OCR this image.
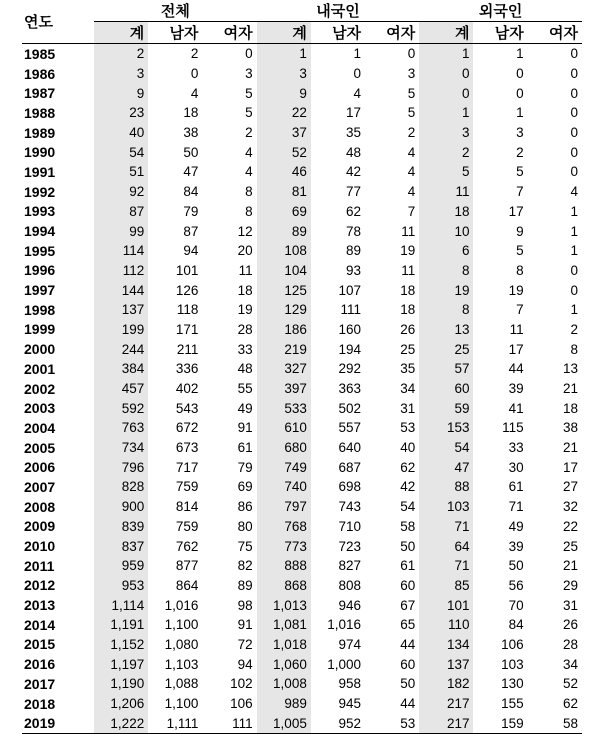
연도	전체			내국인			외국인		
	계	남자	여자	계	남자	여자	계	남자	여자
1985	2	2	0	1	1	0	1	1	0
1986	3	0	3	3	0	3	0	0	0
1987	9	4	5	9	4	5	0	0	0
1988	23	18	5	22	17	5	1	1	0
1989	40	38	2	37	35	2	3	3	0
1990	54	50	4	52	48	4	2	2	0
1991	51	47	4	46	42	4	5	5	0
1992	92	84	8	81	77	4	11	7	4
1993	87	79	8	69	62	7	18	17	1
1994	99	87	12	89	78	11	10	9	1
1995	114	94	20	108	89	19	6	5	1
1996	112	101	11	104	93	11	8	8	0
1997	144	126	18	125	107	18	19	19	0
1998	137	118	19	129	111	18	8	7	1
1999	199	171	28	186	160	26	13	11	2
2000	244	211	33	219	194	25	25	17	8
2001	384	336	48	327	292	35	57	44	13
2002	457	402	55	397	363	34	60	39	21
2003	592	543	49	533	502	31	59	41	18
2004	763	672	91	610	557	53	153	115	38
2005	734	673	61	680	640	40	54	33	21
2006	796	717	79	749	687	62	47	30	17
2007	828	759	69	740	698	42	88	61	27
2008	900	814	86	797	743	54	103	71	32
2009	839	759	80	768	710	58	71	49	22
2010	837	762	75	773	723	50	64	39	25
2011	959	877	82	888	827	61	71	50	21
2012	953	864	89	868	808	60	85	56	29
2013	1,114	1,016	98	1,013	946	67	101	70	31
2014	1,191	1,100	91	1,081	1,016	65	110	84	26
2015	1,152	1,080	72	1,018	974	44	134	106	28
2016	1,197	1,103	94	1,060	1,000	60	137	103	34
2017	1,190	1,088	102	1,008	958	50	182	130	52
2018	1,206	1,100	106	989	945	44	217	155	62
2019	1,222	1,111	111	1,005	952	53	217	159	58
